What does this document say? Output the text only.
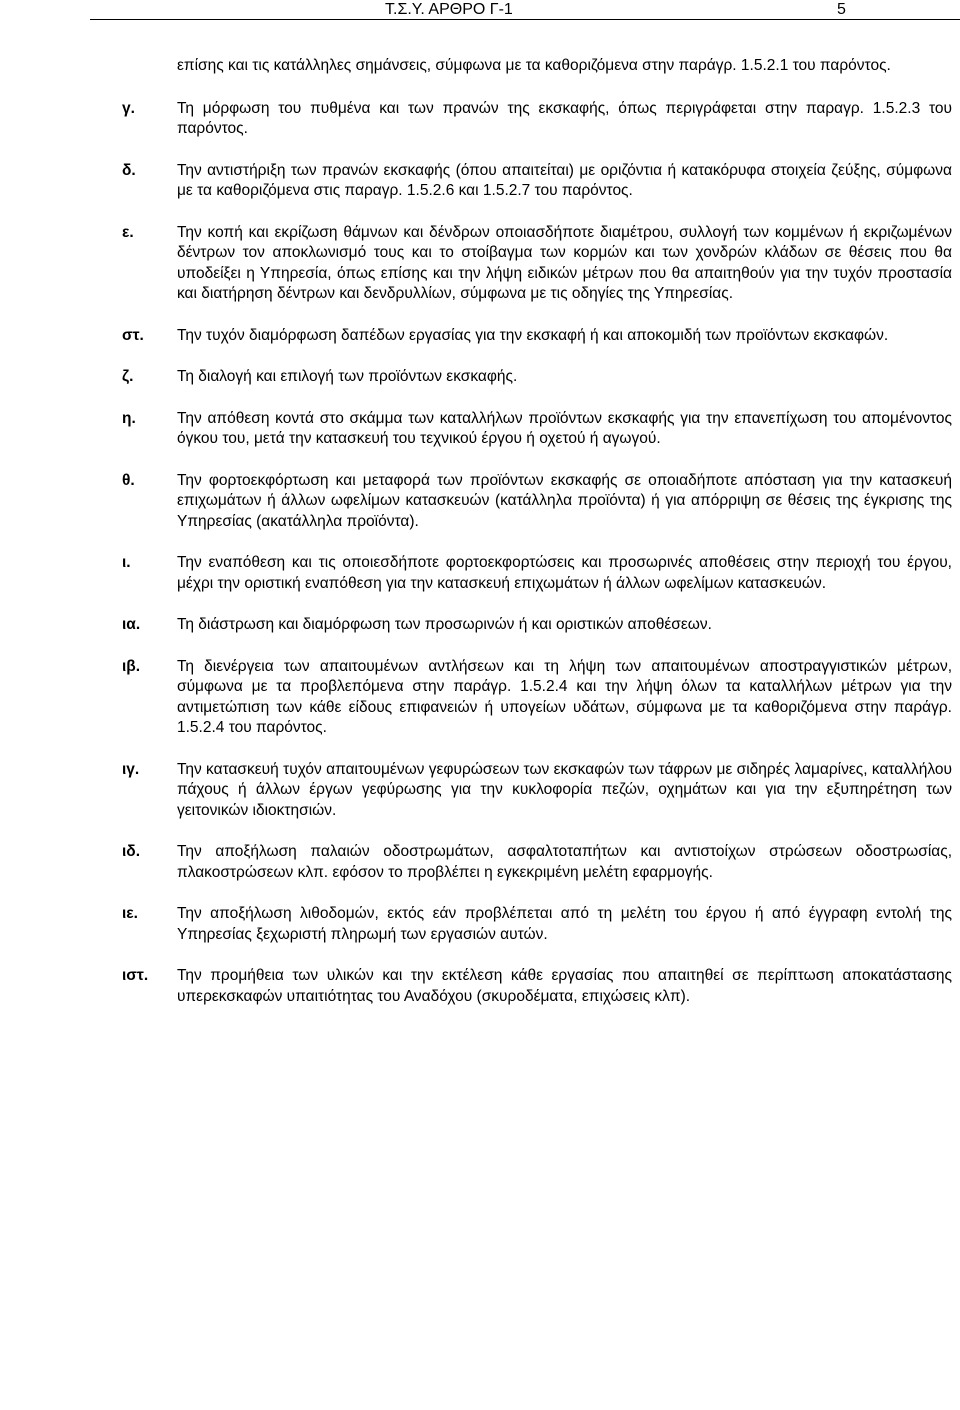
Τ.Σ.Υ. ΑΡΘΡΟ Γ-1	5
επίσης και τις κατάλληλες σημάνσεις, σύμφωνα με τα καθοριζόμενα στην παράγρ. 1.5.2.1 του παρόντος.
γ.	Τη μόρφωση του πυθμένα και των πρανών της εκσκαφής, όπως περιγράφεται στην παραγρ. 1.5.2.3 του παρόντος.
δ.	Την αντιστήριξη των πρανών εκσκαφής (όπου απαιτείται) με οριζόντια ή κατακόρυφα στοιχεία ζεύξης, σύμφωνα με τα καθοριζόμενα στις παραγρ. 1.5.2.6 και 1.5.2.7 του παρόντος.
ε.	Την κοπή και εκρίζωση θάμνων και δένδρων οποιασδήποτε διαμέτρου, συλλογή των κομμένων ή εκριζωμένων δέντρων τον αποκλωνισμό τους και το στοίβαγμα των κορμών και των χονδρών κλάδων σε θέσεις που θα υποδείξει η Υπηρεσία, όπως επίσης και την λήψη ειδικών μέτρων που θα απαιτηθούν για την τυχόν προστασία και διατήρηση δέντρων και δενδρυλλίων, σύμφωνα με τις οδηγίες της Υπηρεσίας.
στ.	Την τυχόν διαμόρφωση δαπέδων εργασίας για την εκσκαφή ή και αποκομιδή των προϊόντων εκσκαφών.
ζ.	Τη διαλογή και επιλογή των προϊόντων εκσκαφής.
η.	Την απόθεση κοντά στο σκάμμα των καταλλήλων προϊόντων εκσκαφής για την επανεπίχωση του απομένοντος όγκου του, μετά την κατασκευή του τεχνικού έργου ή οχετού ή αγωγού.
θ.	Την φορτοεκφόρτωση και μεταφορά των προϊόντων εκσκαφής σε οποιαδήποτε απόσταση για την κατασκευή επιχωμάτων ή άλλων ωφελίμων κατασκευών (κατάλληλα προϊόντα) ή για απόρριψη σε θέσεις της έγκρισης της Υπηρεσίας (ακατάλληλα προϊόντα).
ι.	Την εναπόθεση και τις οποιεσδήποτε φορτοεκφορτώσεις και προσωρινές αποθέσεις στην περιοχή του έργου, μέχρι την οριστική εναπόθεση για την κατασκευή επιχωμάτων ή άλλων ωφελίμων κατασκευών.
ια.	Τη διάστρωση και διαμόρφωση των προσωρινών ή και οριστικών αποθέσεων.
ιβ.	Τη διενέργεια των απαιτουμένων αντλήσεων και τη λήψη των απαιτουμένων αποστραγγιστικών μέτρων, σύμφωνα με τα προβλεπόμενα στην παράγρ. 1.5.2.4 και την λήψη όλων τα καταλλήλων μέτρων για την αντιμετώπιση των κάθε είδους επιφανειών ή υπογείων υδάτων, σύμφωνα με τα καθοριζόμενα στην παράγρ. 1.5.2.4 του παρόντος.
ιγ.	Την κατασκευή τυχόν απαιτουμένων γεφυρώσεων των εκσκαφών των τάφρων με σιδηρές λαμαρίνες, καταλλήλου πάχους ή άλλων έργων γεφύρωσης για την κυκλοφορία πεζών, οχημάτων και για την εξυπηρέτηση των γειτονικών ιδιοκτησιών.
ιδ.	Την αποξήλωση παλαιών οδοστρωμάτων, ασφαλτοταπήτων και αντιστοίχων στρώσεων οδοστρωσίας, πλακοστρώσεων κλπ. εφόσον το προβλέπει η εγκεκριμένη μελέτη εφαρμογής.
ιε.	Την αποξήλωση λιθοδομών, εκτός εάν προβλέπεται από τη μελέτη του έργου ή από έγγραφη εντολή της Υπηρεσίας ξεχωριστή πληρωμή των εργασιών αυτών.
ιστ.	Την προμήθεια των υλικών και την εκτέλεση κάθε εργασίας που απαιτηθεί σε περίπτωση αποκατάστασης υπερεκσκαφών υπαιτιότητας του Αναδόχου (σκυροδέματα, επιχώσεις κλπ).
